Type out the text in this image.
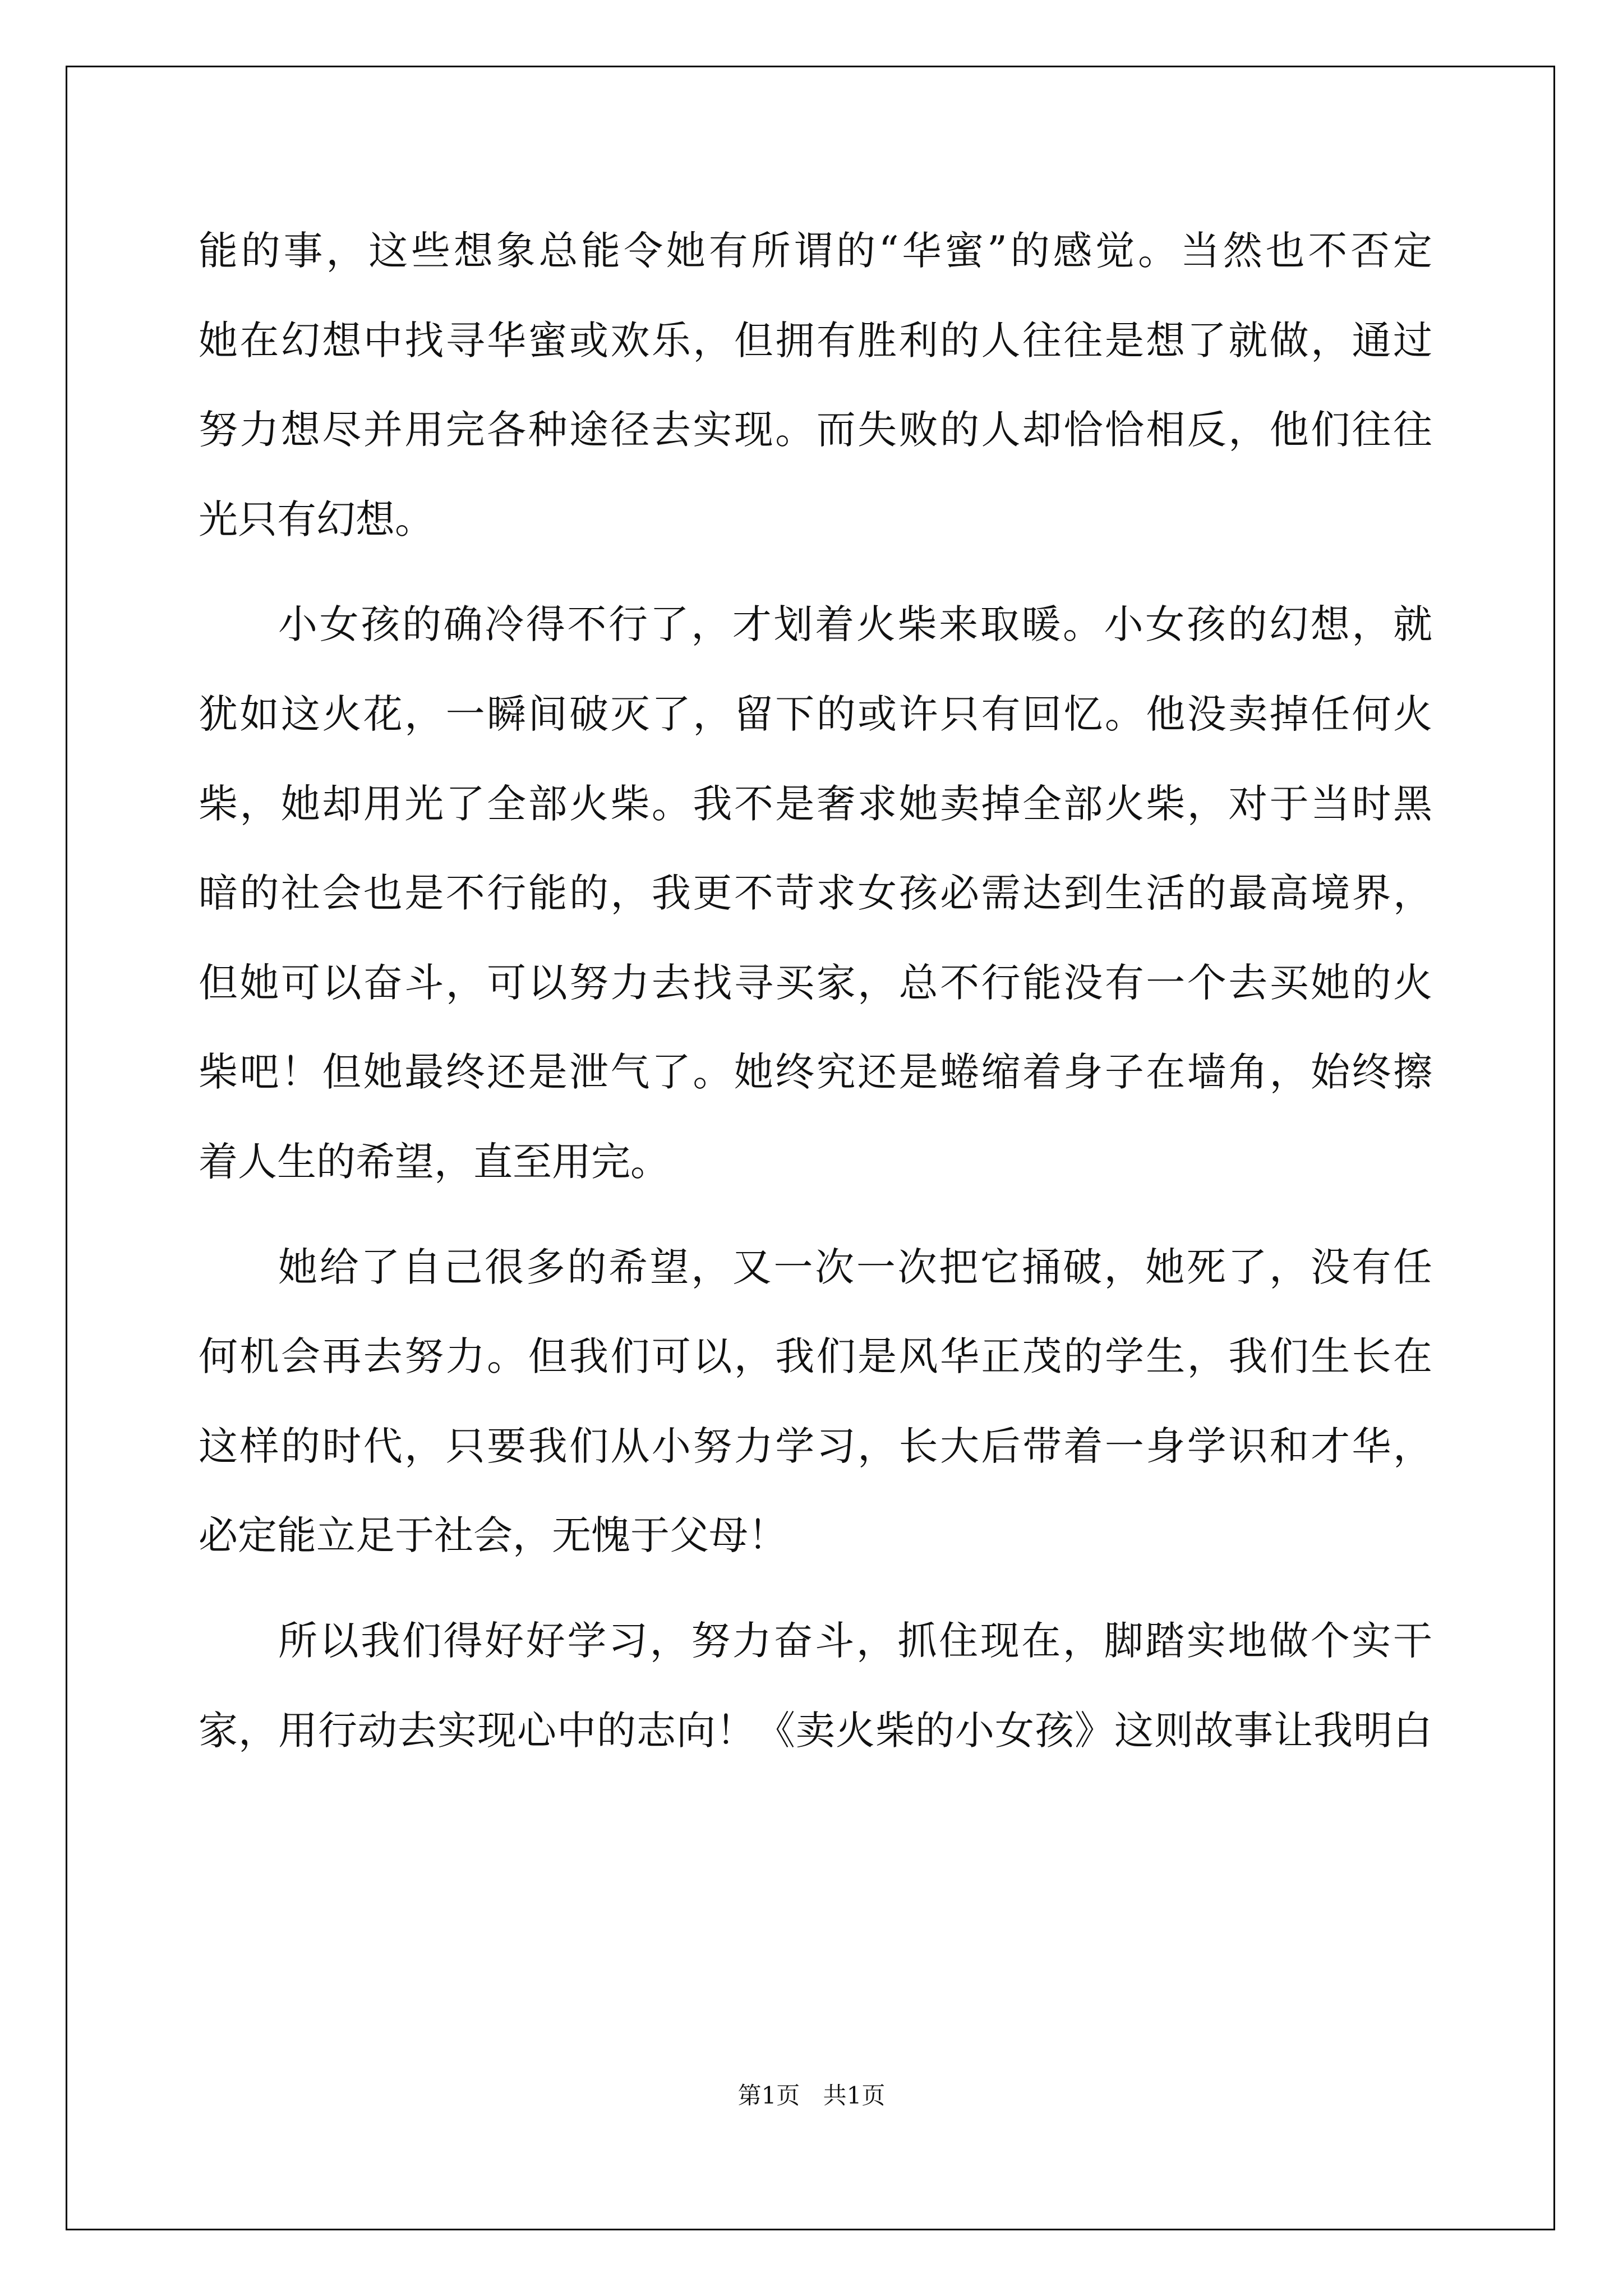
能的事，这些想象总能令她有所谓的“华蜜”的感觉。当然也不否定
她在幻想中找寻华蜜或欢乐，但拥有胜利的人往往是想了就做，通过
努力想尽并用完各种途径去实现。而失败的人却恰恰相反，他们往往
光只有幻想。
小女孩的确冷得不行了，才划着火柴来取暖。小女孩的幻想，就
犹如这火花，一瞬间破灭了，留下的或许只有回忆。他没卖掉任何火
柴，她却用光了全部火柴。我不是奢求她卖掉全部火柴，对于当时黑
暗的社会也是不行能的，我更不苛求女孩必需达到生活的最高境界，
但她可以奋斗，可以努力去找寻买家，总不行能没有一个去买她的火
柴吧！但她最终还是泄气了。她终究还是蜷缩着身子在墙角，始终擦
着人生的希望，直至用完。
她给了自己很多的希望，又一次一次把它捅破，她死了，没有任
何机会再去努力。但我们可以，我们是风华正茂的学生，我们生长在
这样的时代，只要我们从小努力学习，长大后带着一身学识和才华，
必定能立足于社会，无愧于父母！
所以我们得好好学习，努力奋斗，抓住现在，脚踏实地做个实干
家，用行动去实现心中的志向！《卖火柴的小女孩》这则故事让我明白
第1页 共1页
